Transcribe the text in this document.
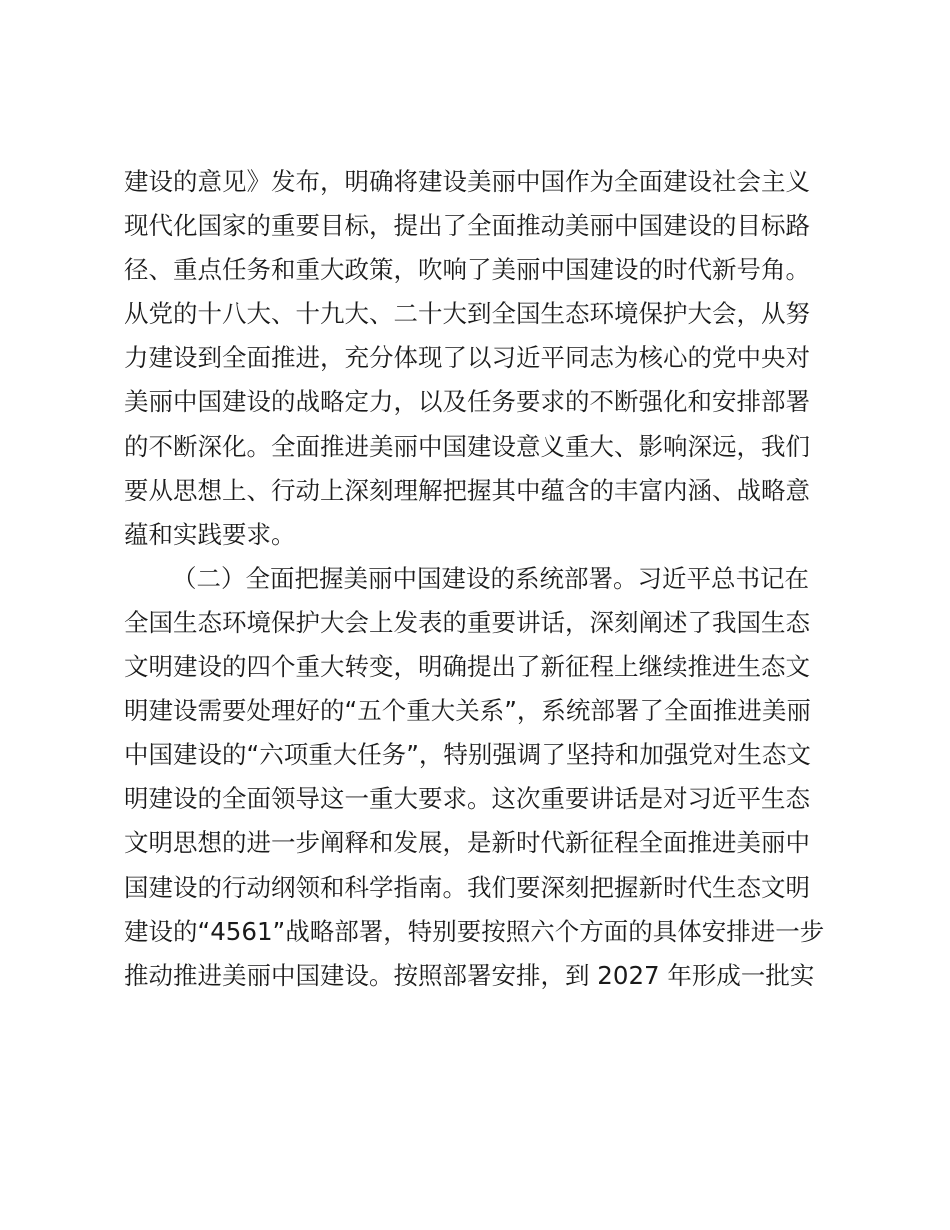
建设的意见》发布，明确将建设美丽中国作为全面建设社会主义
现代化国家的重要目标，提出了全面推动美丽中国建设的目标路
径、重点任务和重大政策，吹响了美丽中国建设的时代新号角。
从党的十八大、十九大、二十大到全国生态环境保护大会，从努
力建设到全面推进，充分体现了以习近平同志为核心的党中央对
美丽中国建设的战略定力，以及任务要求的不断强化和安排部署
的不断深化。全面推进美丽中国建设意义重大、影响深远，我们
要从思想上、行动上深刻理解把握其中蕴含的丰富内涵、战略意
蕴和实践要求。
（二）全面把握美丽中国建设的系统部署。习近平总书记在
全国生态环境保护大会上发表的重要讲话，深刻阐述了我国生态
文明建设的四个重大转变，明确提出了新征程上继续推进生态文
明建设需要处理好的“五个重大关系”，系统部署了全面推进美丽
中国建设的“六项重大任务”，特别强调了坚持和加强党对生态文
明建设的全面领导这一重大要求。这次重要讲话是对习近平生态
文明思想的进一步阐释和发展，是新时代新征程全面推进美丽中
国建设的行动纲领和科学指南。我们要深刻把握新时代生态文明
建设的“4561”战略部署，特别要按照六个方面的具体安排进一步
推动推进美丽中国建设。按照部署安排，到 2027 年形成一批实
